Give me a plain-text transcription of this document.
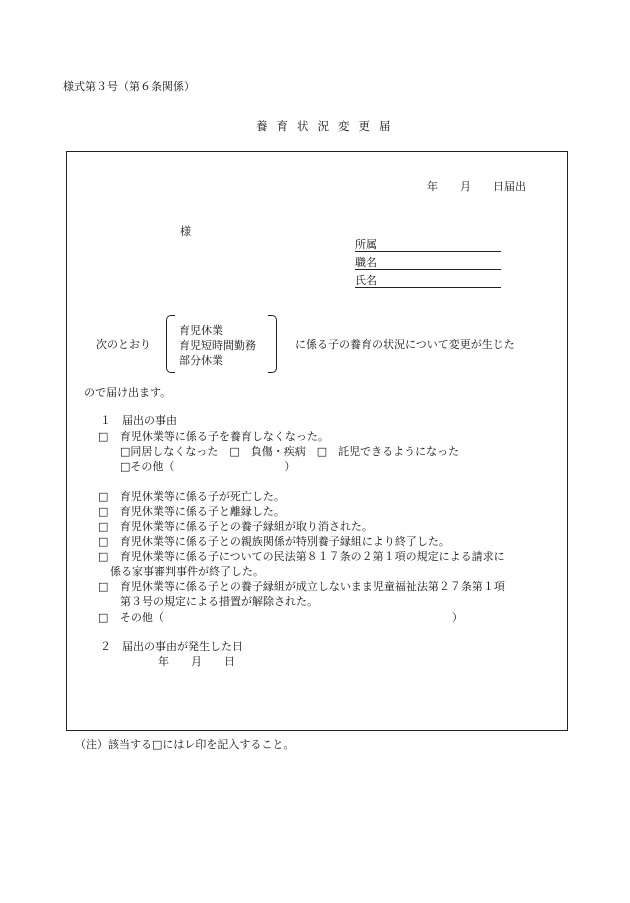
様式第３号（第６条関係）
養育状況変更届
年　　月　　日届出
様
所属
職名
氏名
次のとおり
育児休業
育児短時間勤務
部分休業
に係る子の養育の状況について変更が生じた
ので届け出ます。
１　届出の事由
□ 育児休業等に係る子を養育しなくなった。
□同居しなくなった　□　負傷・疾病　□　託児できるようになった
□その他（　　　　　　　　　　）
□ 育児休業等に係る子が死亡した。
□ 育児休業等に係る子と離縁した。
□ 育児休業等に係る子との養子縁組が取り消された。
□ 育児休業等に係る子との親族関係が特別養子縁組により終了した。
□ 育児休業等に係る子についての民法第８１７条の２第１項の規定による請求に
係る家事審判事件が終了した。
□ 育児休業等に係る子との養子縁組が成立しないまま児童福祉法第２７条第１項
第３号の規定による措置が解除された。
□ その他（	）
２　届出の事由が発生した日
年　　月　　日
（注）該当する□にはレ印を記入すること。
